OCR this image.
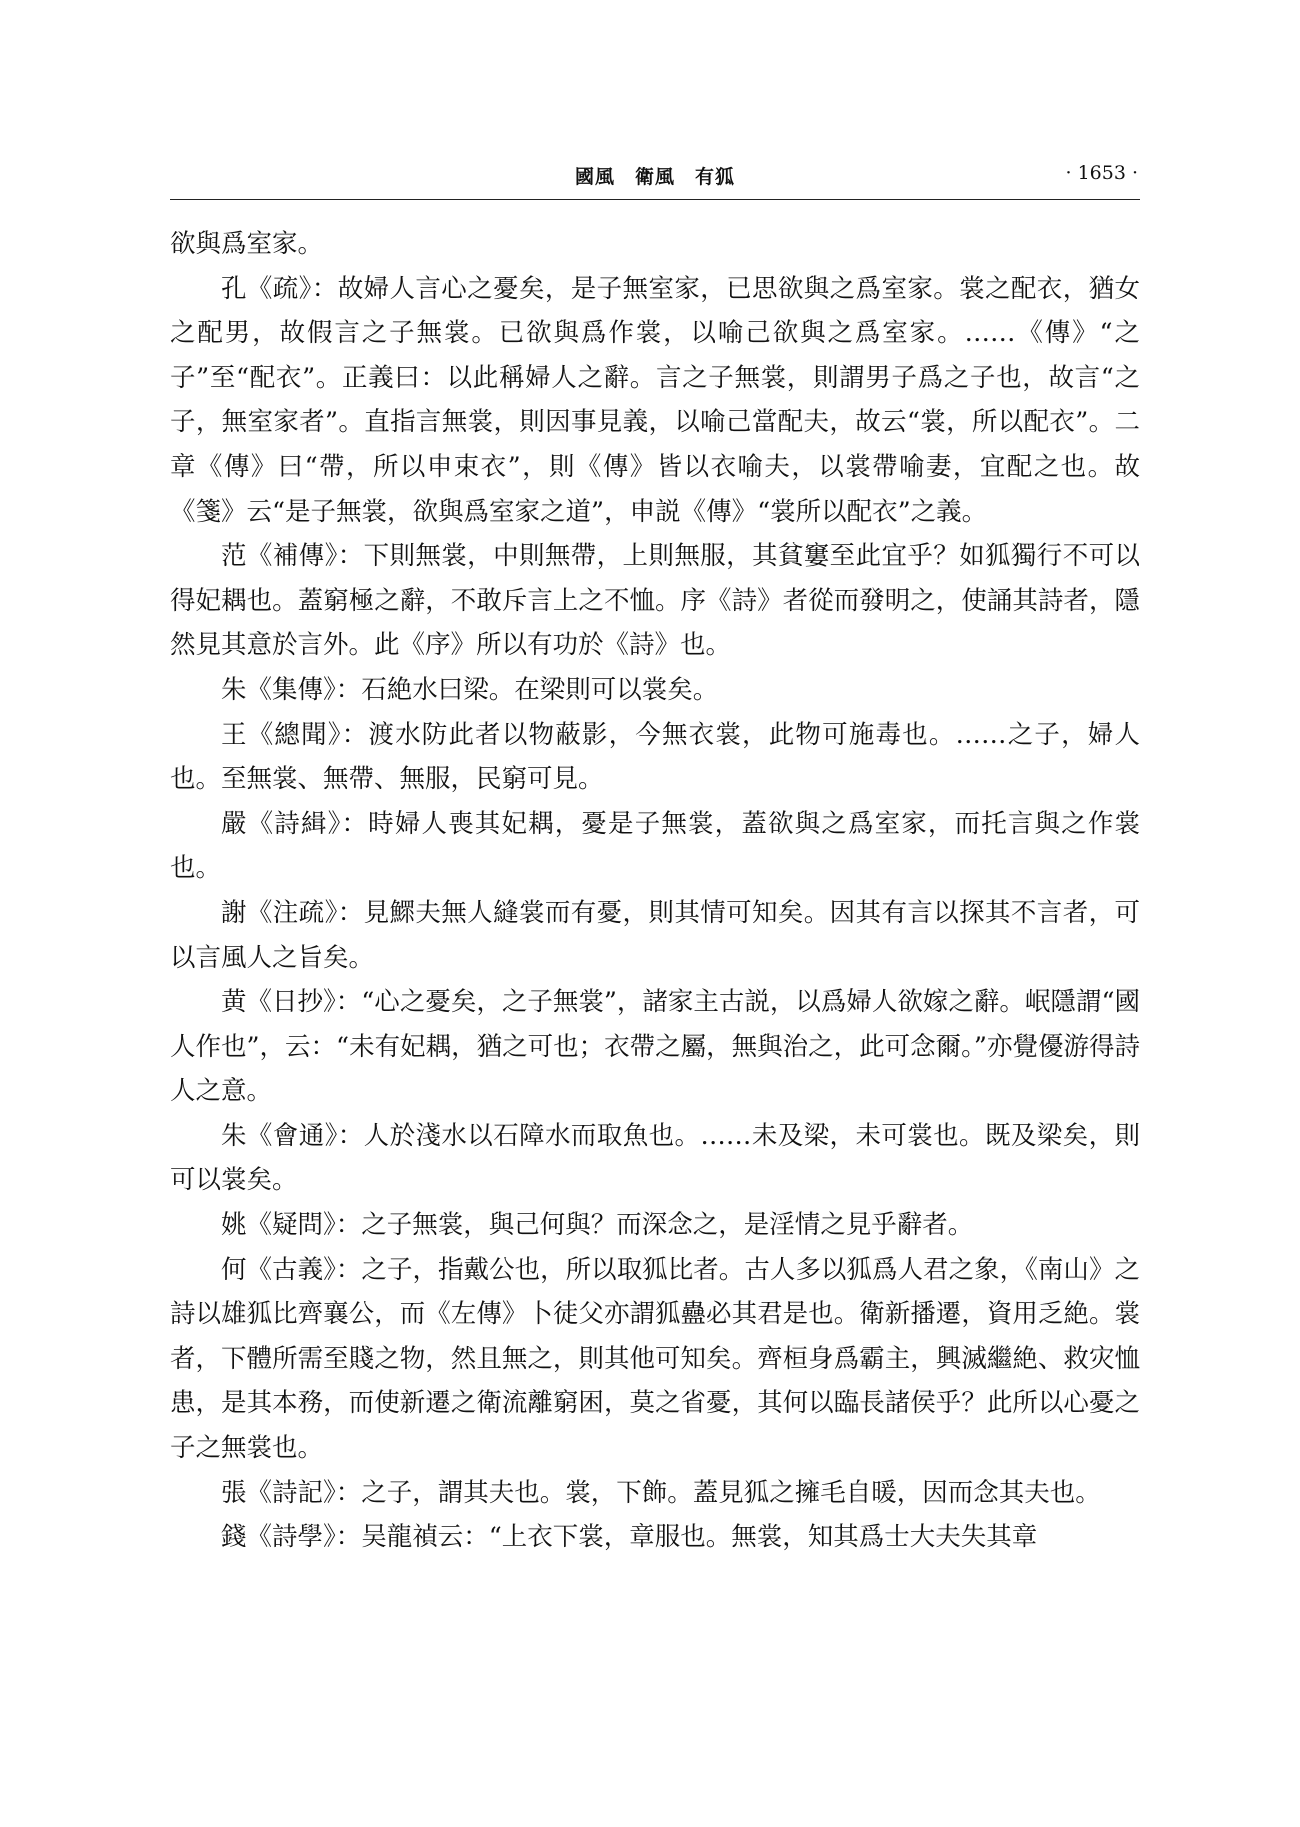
國風　衛風　有狐	· 1653 ·

欲與爲室家。

孔《疏》：故婦人言心之憂矣，是子無室家，已思欲與之爲室家。裳之配衣，猶女之配男，故假言之子無裳。已欲與爲作裳，以喻己欲與之爲室家。……《傳》“之子”至“配衣”。正義曰：以此稱婦人之辭。言之子無裳，則謂男子爲之子也，故言“之子，無室家者”。直指言無裳，則因事見義，以喻己當配夫，故云“裳，所以配衣”。二章《傳》曰“帶，所以申束衣”，則《傳》皆以衣喻夫，以裳帶喻妻，宜配之也。故《箋》云“是子無裳，欲與爲室家之道”，申説《傳》“裳所以配衣”之義。

范《補傳》：下則無裳，中則無帶，上則無服，其貧窶至此宜乎？如狐獨行不可以得妃耦也。蓋窮極之辭，不敢斥言上之不恤。序《詩》者從而發明之，使誦其詩者，隱然見其意於言外。此《序》所以有功於《詩》也。

朱《集傳》：石絶水曰梁。在梁則可以裳矣。

王《總聞》：渡水防此者以物蔽影，今無衣裳，此物可施毒也。……之子，婦人也。至無裳、無帶、無服，民窮可見。

嚴《詩緝》：時婦人喪其妃耦，憂是子無裳，蓋欲與之爲室家，而托言與之作裳也。

謝《注疏》：見鰥夫無人縫裳而有憂，則其情可知矣。因其有言以探其不言者，可以言風人之旨矣。

黄《日抄》：“心之憂矣，之子無裳”，諸家主古説，以爲婦人欲嫁之辭。岷隱謂“國人作也”，云：“未有妃耦，猶之可也；衣帶之屬，無與治之，此可念爾。”亦覺優游得詩人之意。

朱《會通》：人於淺水以石障水而取魚也。……未及梁，未可裳也。既及梁矣，則可以裳矣。

姚《疑問》：之子無裳，與己何與？而深念之，是淫情之見乎辭者。

何《古義》：之子，指戴公也，所以取狐比者。古人多以狐爲人君之象，《南山》之詩以雄狐比齊襄公，而《左傳》卜徒父亦謂狐蠱必其君是也。衛新播遷，資用乏絶。裳者，下體所需至賤之物，然且無之，則其他可知矣。齊桓身爲霸主，興滅繼絶、救灾恤患，是其本務，而使新遷之衛流離窮困，莫之省憂，其何以臨長諸侯乎？此所以心憂之子之無裳也。

張《詩記》：之子，謂其夫也。裳，下飾。蓋見狐之擁毛自暖，因而念其夫也。

錢《詩學》：吴龍禎云：“上衣下裳，章服也。無裳，知其爲士大夫失其章
